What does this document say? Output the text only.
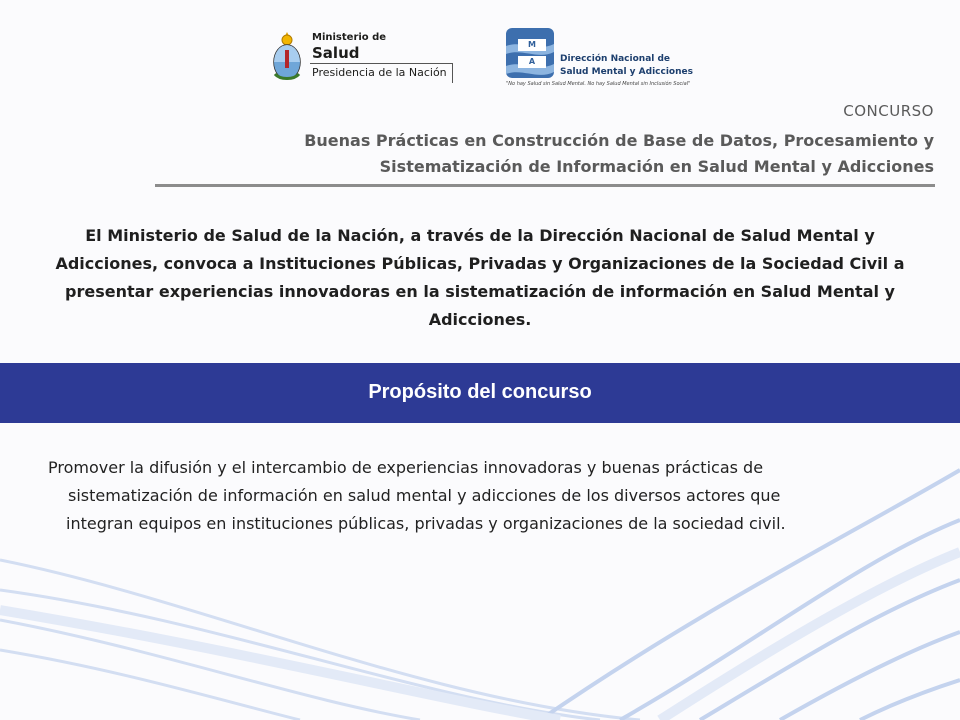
Ministerio de
Salud
Presidencia de la Nación
M
A	Dirección Nacional de
Salud Mental y Adicciones
"No hay Salud sin Salud Mental. No hay Salud Mental sin Inclusión Social"
CONCURSO
Buenas Prácticas en Construcción de Base de Datos, Procesamiento y
Sistematización de Información en Salud Mental y Adicciones
El Ministerio de Salud de la Nación, a través de la Dirección Nacional de Salud Mental y
Adicciones, convoca a Instituciones Públicas, Privadas y Organizaciones de la Sociedad Civil a
presentar experiencias innovadoras en la sistematización de información en Salud Mental y
Adicciones.
Propósito del concurso

Promover la difusión y el intercambio de experiencias innovadoras y buenas prácticas de

sistematización de información en salud mental y adicciones de los diversos actores que

integran equipos en instituciones públicas, privadas y organizaciones de la sociedad civil.
